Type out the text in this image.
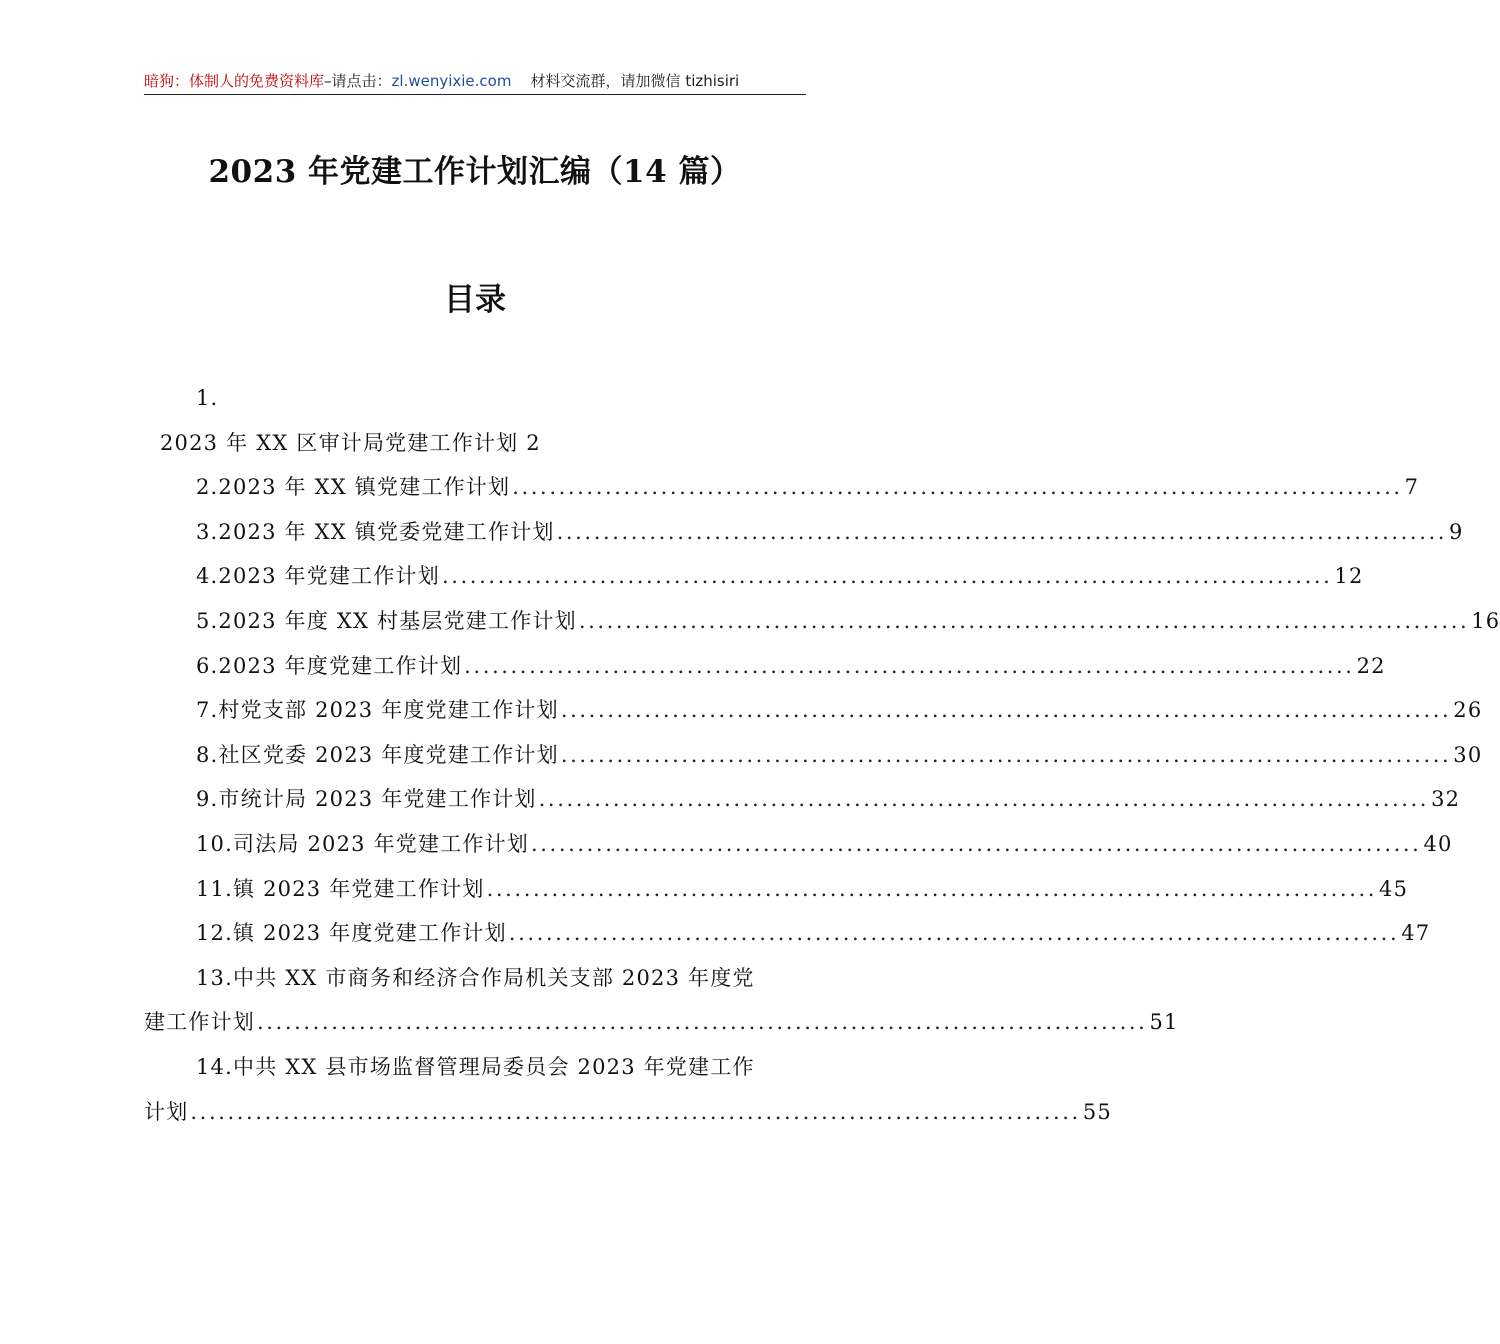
暗狗：体制人的免费资料库–请点击：zl.wenyixie.com 材料交流群，请加微信 tizhisiri
2023 年党建工作计划汇编（14 篇）
目录
1.
2023 年 XX 区审计局党建工作计划 2
2.2023 年 XX 镇党建工作计划 ................................................................................................ 7
3.2023 年 XX 镇党委党建工作计划 ................................................................................................ 9
4.2023 年党建工作计划 ................................................................................................ 12
5.2023 年度 XX 村基层党建工作计划 ................................................................................................ 16
6.2023 年度党建工作计划 ................................................................................................ 22
7.村党支部 2023 年度党建工作计划 ................................................................................................ 26
8.社区党委 2023 年度党建工作计划 ................................................................................................ 30
9.市统计局 2023 年党建工作计划 ................................................................................................ 32
10.司法局 2023 年党建工作计划 ................................................................................................ 40
11.镇 2023 年党建工作计划 ................................................................................................ 45
12.镇 2023 年度党建工作计划 ................................................................................................ 47
13.中共 XX 市商务和经济合作局机关支部 2023 年度党
建工作计划 ................................................................................................ 51
14.中共 XX 县市场监督管理局委员会 2023 年党建工作
计划 ................................................................................................ 55
